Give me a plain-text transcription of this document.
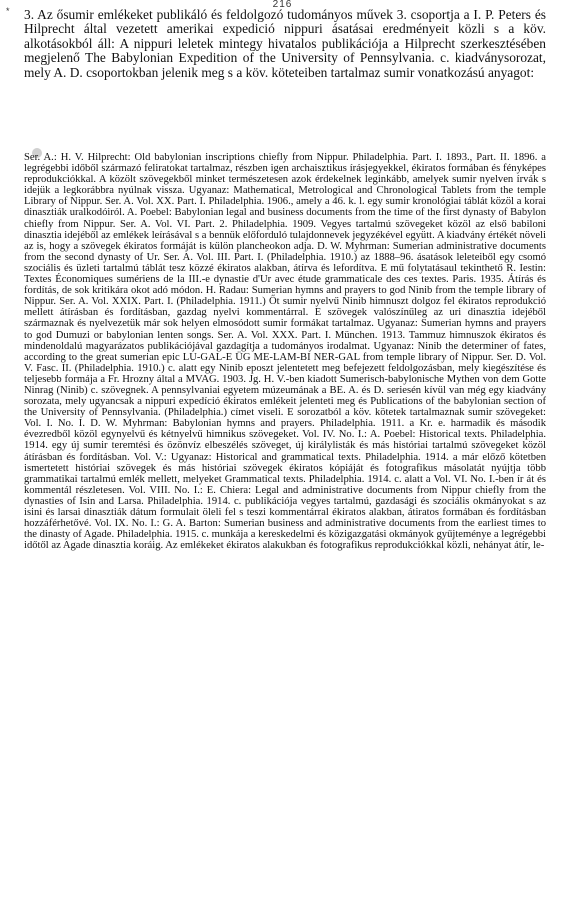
216
* 3. Az ősumir emlékeket publikáló és feldolgozó tudományos művek 3. csoportja a I. P. Peters és Hilprecht által vezetett amerikai expedició nippuri ásatásai eredményeit közli s a köv. alkotásokból áll: A nippuri leletek mintegy hivatalos publikációja a Hilprecht szerkesztésében megjelenő The Babylonian Expedition of the University of Pennsylvania. c. kiadványsorozat, mely A. D. csoportokban jelenik meg s a köv. köteteiben tartalmaz sumir vonatkozású anyagot:

Ser. A.: H. V. Hilprecht: Old babylonian inscriptions chiefly from Nippur. Philadelphia. Part. I. 1893., Part. II. 1896. a legrégebbi időből származó feliratokat tartalmaz, részben igen archaisztikus írásjegyekkel, ékiratos formában és fényképes reprodukciókkal. A közölt szövegekből minket természetesen azok érdekelnek leginkább, amelyek sumir nyelven írvák s idejük a legkorábbra nyúlnak vissza. Ugyanaz: Mathematical, Metrological and Chronological Tablets from the temple Library of Nippur. Ser. A. Vol. XX. Part. I. Philadelphia. 1906., amely a 46. k. l. egy sumir kronológiai táblát közöl a korai dinasztiák uralkodóiról. A. Poebel: Babylonian legal and business documents from the time of the first dynasty of Babylon chiefly from Nippur. Ser. A. Vol. VI. Part. 2. Philadelphia. 1909. Vegyes tartalmú szövegeket közöl az első babiloni dinasztia idejéből az emlékek leírásával s a bennük előforduló tulajdonnevek jegyzékével együtt. A kiadvány értékét növeli az is, hogy a szövegek ékiratos formáját is külön plancheokon adja. D. W. Myhrman: Sumerian administrative documents from the second dynasty of Ur. Ser. A. Vol. III. Part. I. (Philadelphia. 1910.) az 1888–96. ásatások leleteiből egy csomó szociális és üzleti tartalmú táblát tesz közzé ékiratos alakban, átírva és lefordítva. E mű folytatásaul tekinthető R. Iestin: Textes Économiques sumériens de la III.-e dynastie d'Ur avec étude grammaticale des ces textes. Paris. 1935. Átírás és fordítás, de sok kritikára okot adó módon. H. Radau: Sumerian hymns and prayers to god Ninib from the temple library of Nippur. Ser. A. Vol. XXIX. Part. I. (Philadelphia. 1911.) Őt sumir nyelvű Ninib himnuszt dolgoz fel ékiratos reprodukció mellett átírásban és fordításban, gazdag nyelvi kommentárral. E szövegek valószínűleg az uri dinasztia idejéből származnak és nyelvezetük már sok helyen elmosódott sumir formákat tartalmaz. Ugyanaz: Sumerian hymns and prayers to god Dumuzi or babylonian lenten songs. Ser. A. Vol. XXX. Part. I. München. 1913. Tammuz himnuszok ékiratos és mindenoldalú magyarázatos publikációjával gazdagítja a tudományos irodalmat. Ugyanaz: Ninib the determiner of fates, according to the great sumerian epic LU-GAL-E ÜG ME-LAM-BI NER-GAL from temple library of Nippur. Ser. D. Vol. V. Fasc. II. (Philadelphia. 1910.) c. alatt egy Ninib eposzt jelentetett meg befejezett feldolgozásban, mely kiegészítése és teljesebb formája a Fr. Hrozny által a MVAG. 1903. Jg. H. V.-ben kiadott Sumerisch-babylonische Mythen von dem Gotte Ninrag (Ninib) c. szövegnek. A pennsylvaniai egyetem múzeumának a BE. A. és D. seriesén kívül van még egy kiadvány sorozata, mely ugyancsak a nippuri expedíció ékiratos emlékeit jelenteti meg és Publications of the babylonian section of the University of Pennsylvania. (Philadelphia.) címet viseli. E sorozatból a köv. kötetek tartalmaznak sumir szövegeket: Vol. I. No. I. D. W. Myhrman: Babylonian hymns and prayers. Philadelphia. 1911. a Kr. e. harmadik és második évezredből közöl egynyelvű és kétnyelvű himnikus szövegeket. Vol. IV. No. I.: A. Poebel: Historical texts. Philadelphia. 1914. egy új sumir teremtési és özönvíz elbeszélés szöveget, új királylisták és más históriai tartalmú szövegeket közöl átírásban és fordításban. Vol. V.: Ugyanaz: Historical and grammatical texts. Philadelphia. 1914. a már előző kötetben ismertetett históriai szövegek és más históriai szövegek ékiratos kópiáját és fotografikus másolatát nyújtja több grammatikai tartalmú emlék mellett, melyeket Grammatical texts. Philadelphia. 1914. c. alatt a Vol. VI. No. I.-ben ír át és kommentál részletesen. Vol. VIII. No. I.: E. Chiera: Legal and administrative documents from Nippur chiefly from the dynasties of Isin and Larsa. Philadelphia. 1914. c. publikációja vegyes tartalmú, gazdasági és szociális okmányokat s az isini és larsai dinasztiák dátum formulait öleli fel s teszi kommentárral ékiratos alakban, átiratos formában és fordításban hozzáférhetővé. Vol. IX. No. I.: G. A. Barton: Sumerian business and administrative documents from the earliest times to the dinasty of Agade. Philadelphia. 1915. c. munkája a kereskedelmi és közigazgatási okmányok gyűjteménye a legrégebbi időtől az Agade dinasztia koráig. Az emlékeket ékiratos alakukban és fotografikus reprodukciókkal közli, nehányat átír, le-
